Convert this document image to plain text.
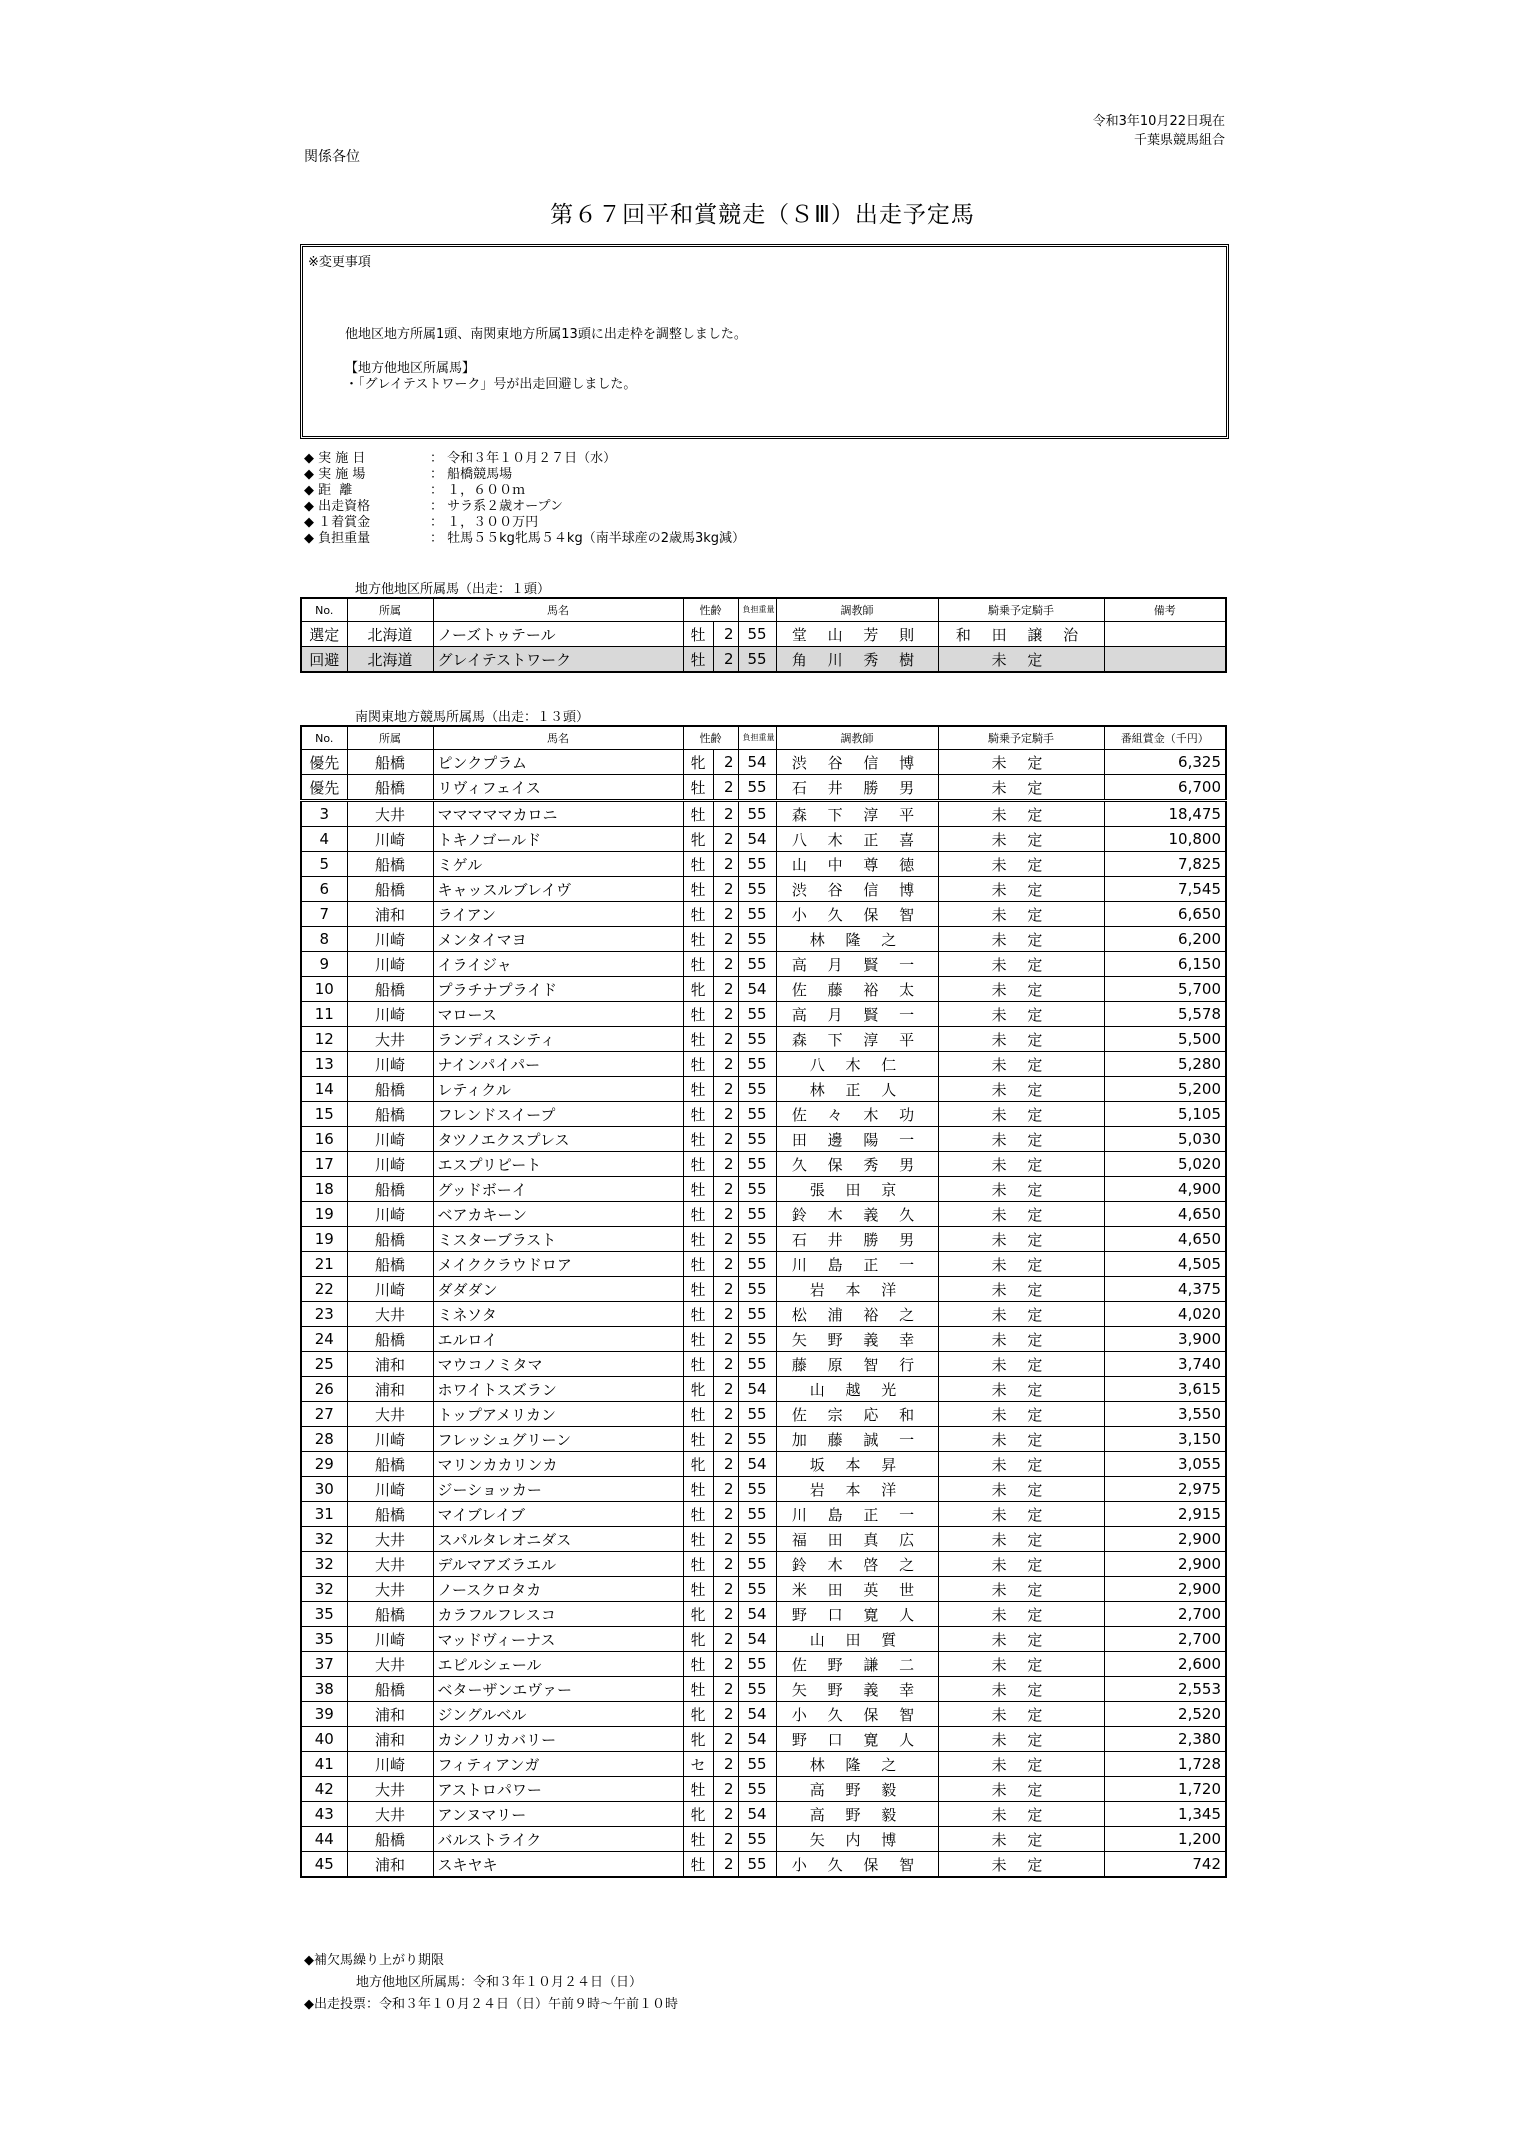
令和3年10月22日現在
千葉県競馬組合
関係各位
第６７回平和賞競走（ＳⅢ）出走予定馬
※変更事項
他地区地方所属1頭、南関東地方所属13頭に出走枠を調整しました。
【地方他地区所属馬】
・「グレイテストワーク」号が出走回避しました。
◆ 実 施 日	： 令和３年１０月２７日（水）
◆ 実 施 場	： 船橋競馬場
◆ 距  離	： １，６００ｍ
◆ 出走資格	： サラ系２歳オープン
◆ １着賞金	： １，３００万円
◆ 負担重量	： 牡馬５５kg牝馬５４kg（南半球産の2歳馬3kg減）
地方他地区所属馬（出走：１頭）
No.	所属	馬名	性齢		負担重量	調教師	騎乗予定騎手	備考
選定	北海道	ノーズトゥテール	牡	2	55	堂 山 芳 則	和 田 譲 治	
回避	北海道	グレイテストワーク	牡	2	55	角 川 秀 樹	未 定	
南関東地方競馬所属馬（出走：１３頭）
No.	所属	馬名	性齢		負担重量	調教師	騎乗予定騎手	番組賞金（千円）
優先	船橋	ピンクプラム	牝	2	54	渋 谷 信 博	未 定	6,325
優先	船橋	リヴィフェイス	牡	2	55	石 井 勝 男	未 定	6,700
3	大井	マママママカロニ	牡	2	55	森 下 淳 平	未 定	18,475
4	川崎	トキノゴールド	牝	2	54	八 木 正 喜	未 定	10,800
5	船橋	ミゲル	牡	2	55	山 中 尊 徳	未 定	7,825
6	船橋	キャッスルブレイヴ	牡	2	55	渋 谷 信 博	未 定	7,545
7	浦和	ライアン	牡	2	55	小 久 保 智	未 定	6,650
8	川崎	メンタイマヨ	牡	2	55	林 隆 之	未 定	6,200
9	川崎	イライジャ	牡	2	55	高 月 賢 一	未 定	6,150
10	船橋	プラチナプライド	牝	2	54	佐 藤 裕 太	未 定	5,700
11	川崎	マロース	牡	2	55	高 月 賢 一	未 定	5,578
12	大井	ランディスシティ	牡	2	55	森 下 淳 平	未 定	5,500
13	川崎	ナインパイパー	牡	2	55	八 木 仁	未 定	5,280
14	船橋	レティクル	牡	2	55	林 正 人	未 定	5,200
15	船橋	フレンドスイープ	牡	2	55	佐 々 木 功	未 定	5,105
16	川崎	タツノエクスプレス	牡	2	55	田 邊 陽 一	未 定	5,030
17	川崎	エスプリピート	牡	2	55	久 保 秀 男	未 定	5,020
18	船橋	グッドボーイ	牡	2	55	張 田 京	未 定	4,900
19	川崎	ベアカキーン	牡	2	55	鈴 木 義 久	未 定	4,650
19	船橋	ミスターブラスト	牡	2	55	石 井 勝 男	未 定	4,650
21	船橋	メイククラウドロア	牡	2	55	川 島 正 一	未 定	4,505
22	川崎	ダダダン	牡	2	55	岩 本 洋	未 定	4,375
23	大井	ミネソタ	牡	2	55	松 浦 裕 之	未 定	4,020
24	船橋	エルロイ	牡	2	55	矢 野 義 幸	未 定	3,900
25	浦和	マウコノミタマ	牡	2	55	藤 原 智 行	未 定	3,740
26	浦和	ホワイトスズラン	牝	2	54	山 越 光	未 定	3,615
27	大井	トップアメリカン	牡	2	55	佐 宗 応 和	未 定	3,550
28	川崎	フレッシュグリーン	牡	2	55	加 藤 誠 一	未 定	3,150
29	船橋	マリンカカリンカ	牝	2	54	坂 本 昇	未 定	3,055
30	川崎	ジーショッカー	牡	2	55	岩 本 洋	未 定	2,975
31	船橋	マイブレイブ	牡	2	55	川 島 正 一	未 定	2,915
32	大井	スパルタレオニダス	牡	2	55	福 田 真 広	未 定	2,900
32	大井	デルマアズラエル	牡	2	55	鈴 木 啓 之	未 定	2,900
32	大井	ノースクロタカ	牡	2	55	米 田 英 世	未 定	2,900
35	船橋	カラフルフレスコ	牝	2	54	野 口 寛 人	未 定	2,700
35	川崎	マッドヴィーナス	牝	2	54	山 田 質	未 定	2,700
37	大井	エピルシェール	牡	2	55	佐 野 謙 二	未 定	2,600
38	船橋	ベターザンエヴァー	牡	2	55	矢 野 義 幸	未 定	2,553
39	浦和	ジングルベル	牝	2	54	小 久 保 智	未 定	2,520
40	浦和	カシノリカバリー	牝	2	54	野 口 寛 人	未 定	2,380
41	川崎	フィティアンガ	セ	2	55	林 隆 之	未 定	1,728
42	大井	アストロパワー	牡	2	55	高 野 毅	未 定	1,720
43	大井	アンヌマリー	牝	2	54	高 野 毅	未 定	1,345
44	船橋	バルストライク	牡	2	55	矢 内 博	未 定	1,200
45	浦和	スキヤキ	牡	2	55	小 久 保 智	未 定	742
◆補欠馬繰り上がり期限
地方他地区所属馬：令和３年１０月２４日（日）
◆出走投票：令和３年１０月２４日（日）午前９時〜午前１０時
